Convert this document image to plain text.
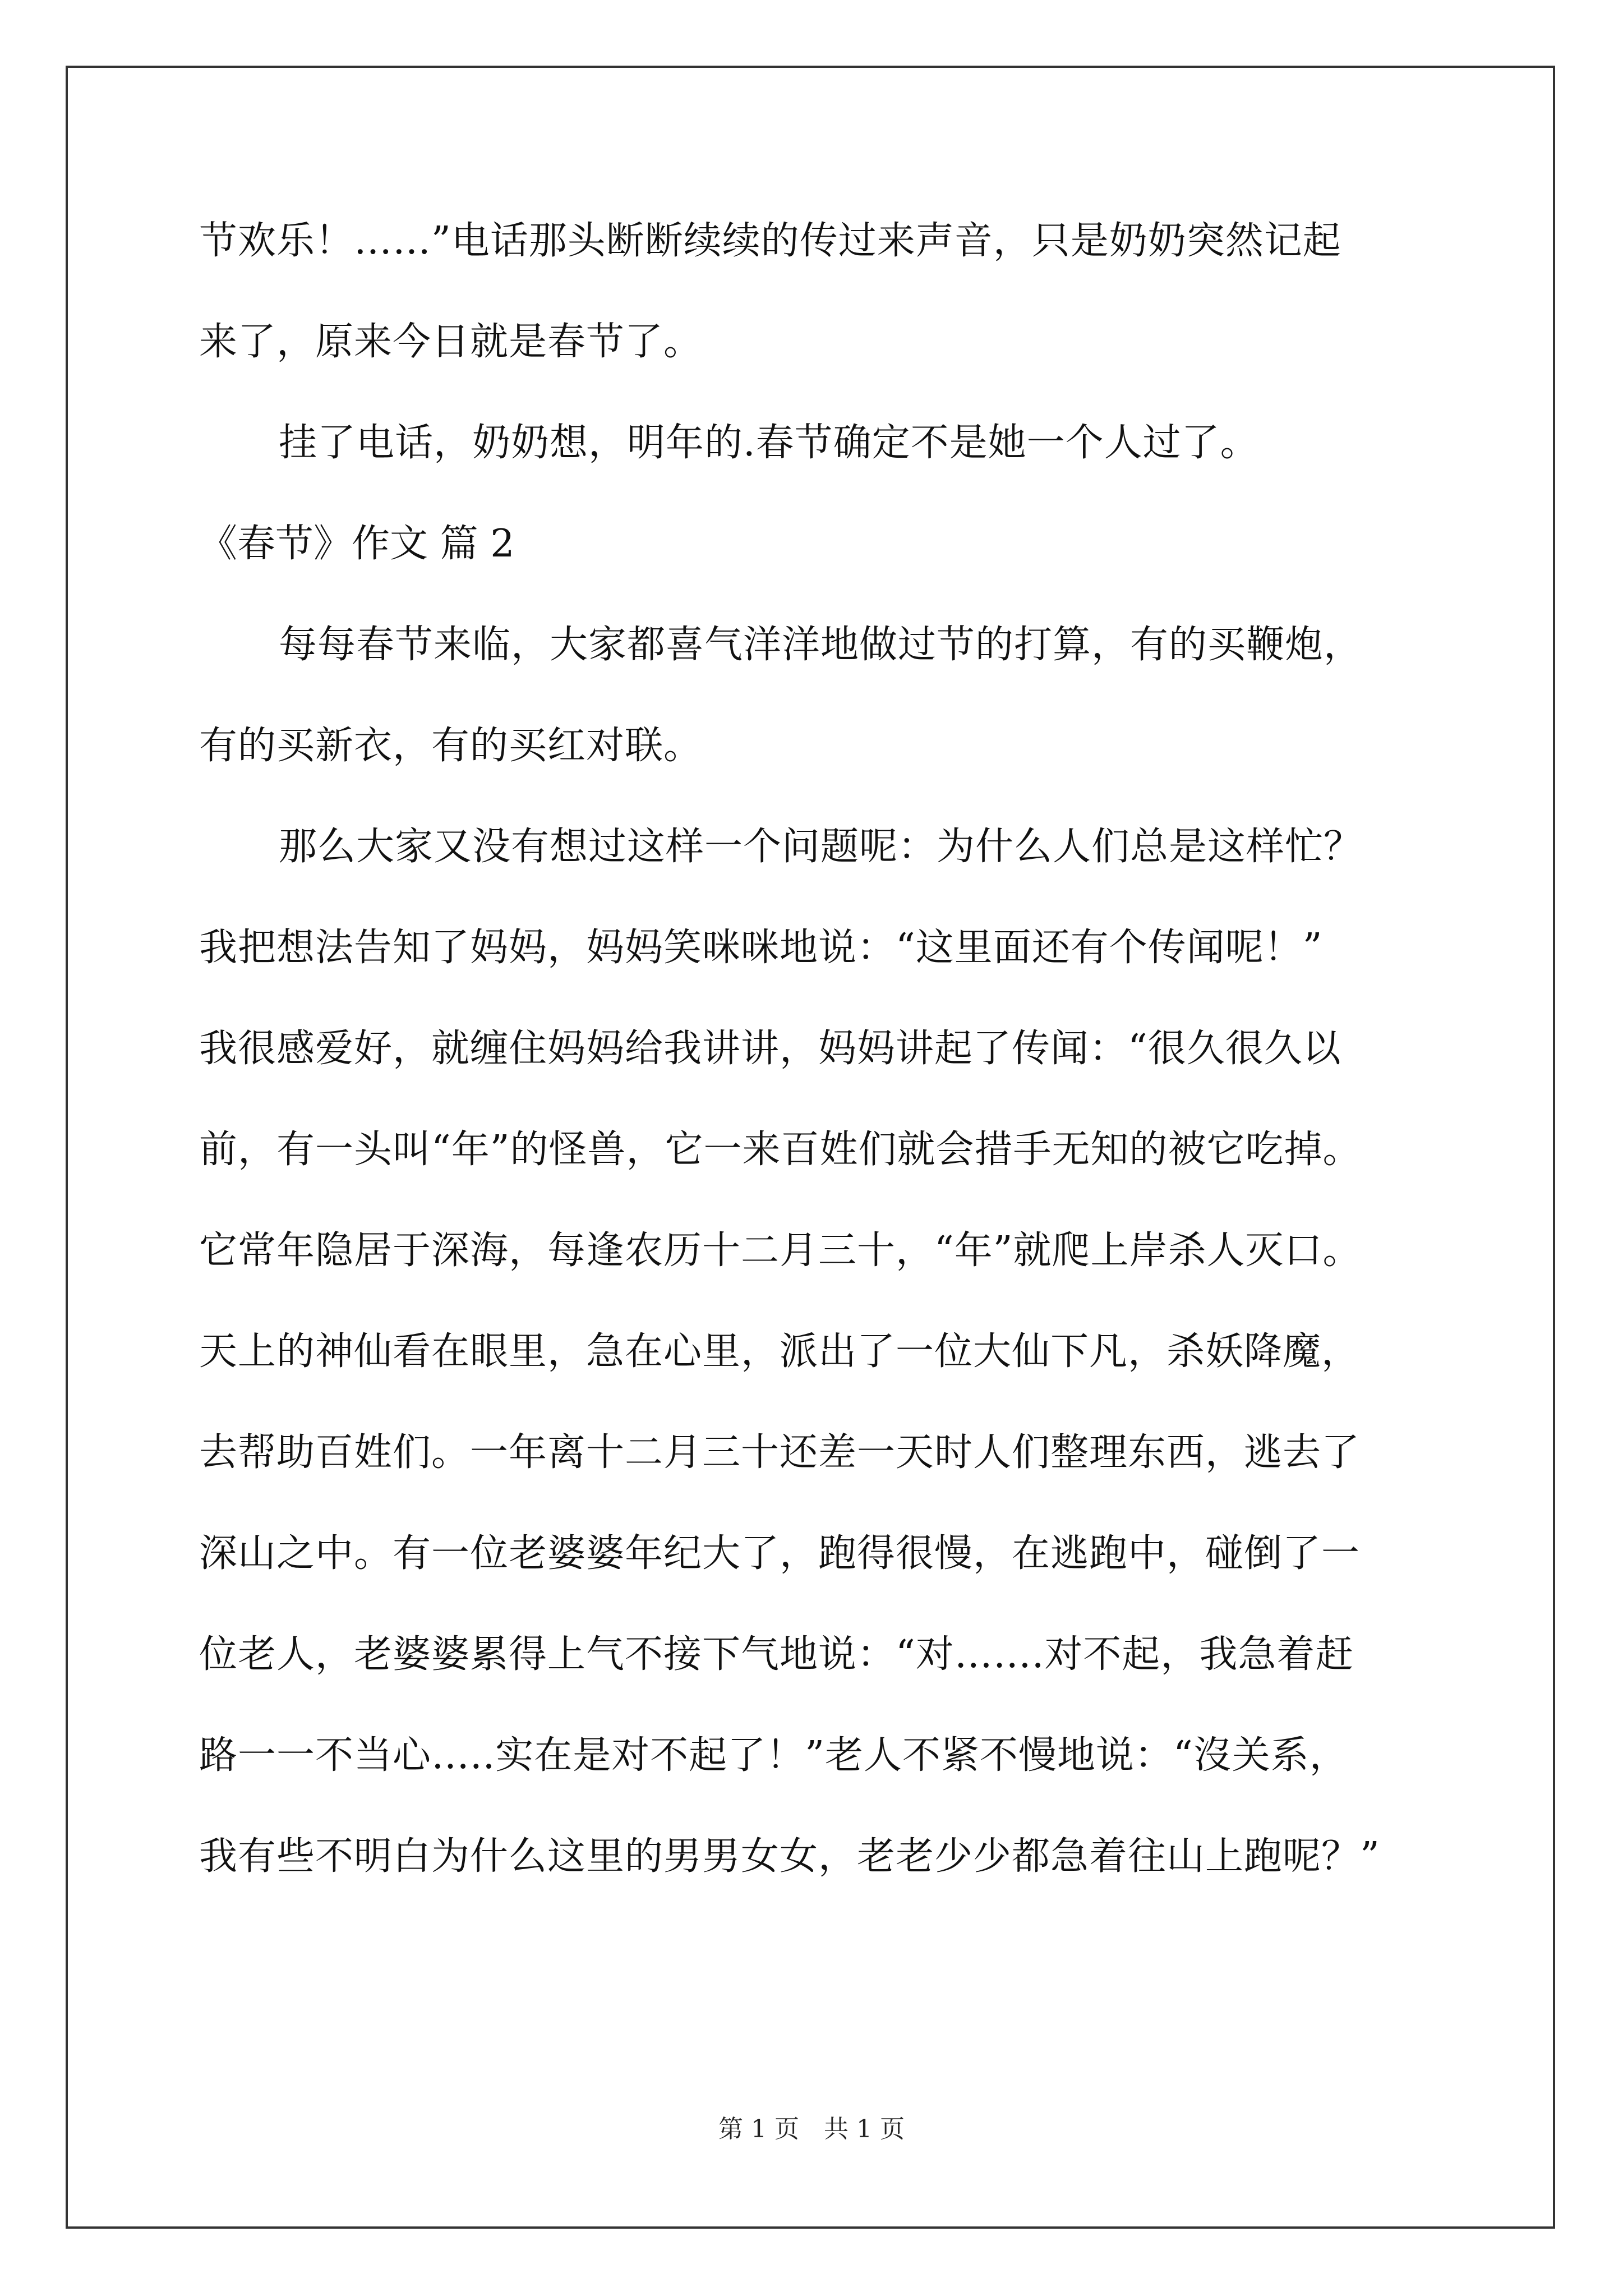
节欢乐！……”电话那头断断续续的传过来声音，只是奶奶突然记起
来了，原来今日就是春节了。
挂了电话，奶奶想，明年的.春节确定不是她一个人过了。
《春节》作文 篇 2
每每春节来临，大家都喜气洋洋地做过节的打算，有的买鞭炮，
有的买新衣，有的买红对联。
那么大家又没有想过这样一个问题呢：为什么人们总是这样忙？
我把想法告知了妈妈，妈妈笑咪咪地说：“这里面还有个传闻呢！”
我很感爱好，就缠住妈妈给我讲讲，妈妈讲起了传闻：“很久很久以
前，有一头叫“年”的怪兽，它一来百姓们就会措手无知的被它吃掉。
它常年隐居于深海，每逢农历十二月三十，“年”就爬上岸杀人灭口。
天上的神仙看在眼里，急在心里，派出了一位大仙下凡，杀妖降魔，
去帮助百姓们。一年离十二月三十还差一天时人们整理东西，逃去了
深山之中。有一位老婆婆年纪大了，跑得很慢，在逃跑中，碰倒了一
位老人，老婆婆累得上气不接下气地说：“对…….对不起，我急着赶
路一一不当心…..实在是对不起了！”老人不紧不慢地说：“沒关系，
我有些不明白为什么这里的男男女女，老老少少都急着往山上跑呢？”
第 1 页　共 1 页
